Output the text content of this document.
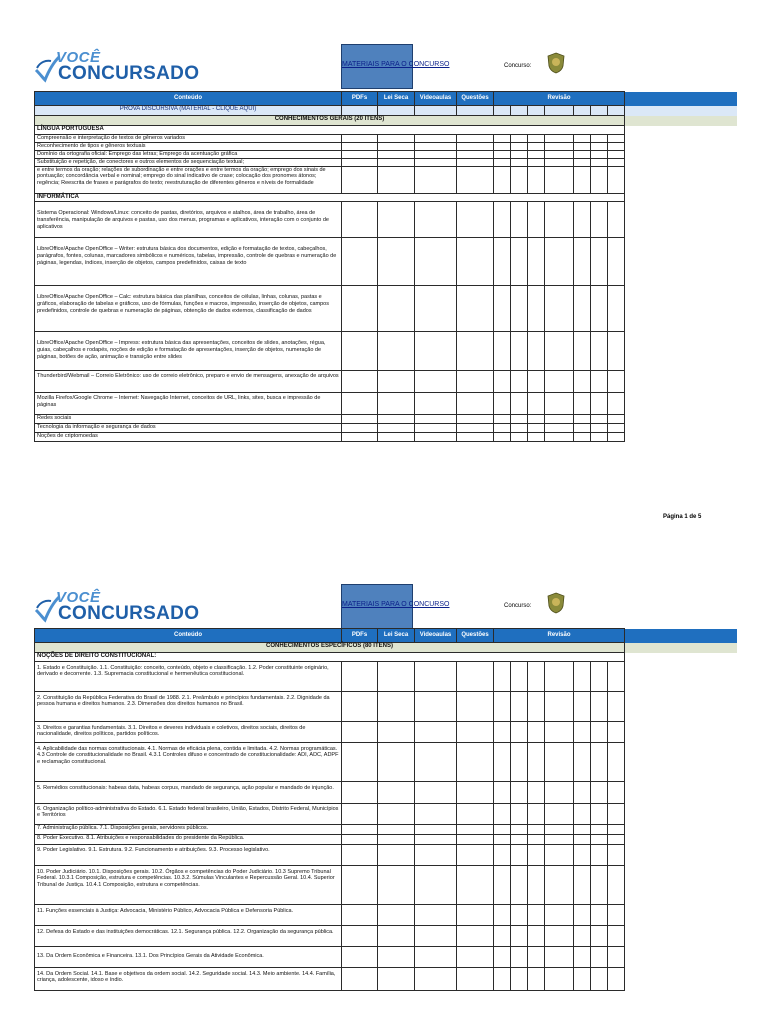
VOCÊ
CONCURSADO	MATERIAIS PARA O CONCURSO	Concurso:
Conteúdo	PDFs	Lei Seca	Videoaulas	Questões	Revisão							
PROVA DISCURSIVA (MATERIAL - CLIQUE AQUI)												
CONHECIMENTOS GERAIS (20 ITENS)												
LÍNGUA PORTUGUESA												
Compreensão e interpretação de textos de gêneros variados												
Reconhecimento de tipos e gêneros textuais												
Domínio da ortografia oficial: Emprego das letras; Emprego da acentuação gráfica												
Substituição e repetição, de conectores e outros elementos de sequenciação textual;												
e entre termos da oração; relações de subordinação e entre orações e entre termos da oração; emprego dos sinais de pontuação; concordância verbal e nominal; emprego do sinal indicativo de crase; colocação dos pronomes átonos; regência; Reescrita de frases e parágrafos do texto; reestruturação de diferentes gêneros e níveis de formalidade												
INFORMÁTICA												
Sistema Operacional: Windows/Linux: conceito de pastas, diretórios, arquivos e atalhos, área de trabalho, área de transferência, manipulação de arquivos e pastas, uso dos menus, programas e aplicativos, interação com o conjunto de aplicativos												
LibreOffice/Apache OpenOffice – Writer: estrutura básica dos documentos, edição e formatação de textos, cabeçalhos, parágrafos, fontes, colunas, marcadores simbólicos e numéricos, tabelas, impressão, controle de quebras e numeração de páginas, legendas, índices, inserção de objetos, campos predefinidos, caixas de texto												
LibreOffice/Apache OpenOffice – Calc: estrutura básica das planilhas, conceitos de células, linhas, colunas, pastas e gráficos, elaboração de tabelas e gráficos, uso de fórmulas, funções e macros, impressão, inserção de objetos, campos predefinidos, controle de quebras e numeração de páginas, obtenção de dados externos, classificação de dados												
LibreOffice/Apache OpenOffice – Impress: estrutura básica das apresentações, conceitos de slides, anotações, régua, guias, cabeçalhos e rodapés, noções de edição e formatação de apresentações, inserção de objetos, numeração de páginas, botões de ação, animação e transição entre slides												
Thunderbird/Webmail – Correio Eletrônico: uso de correio eletrônico, preparo e envio de mensagens, anexação de arquivos												
Mozilla Firefox/Google Chrome – Internet: Navegação Internet, conceitos de URL, links, sites, busca e impressão de páginas												
Redes sociais												
Tecnologia da informação e segurança de dados												
Noções de criptomoedas												
Página 1 de 5
VOCÊ
CONCURSADO	MATERIAIS PARA O CONCURSO	Concurso:
Conteúdo	PDFs	Lei Seca	Videoaulas	Questões	Revisão							
CONHECIMENTOS ESPECÍFICOS (80 ITENS)												
NOÇÕES DE DIREITO CONSTITUCIONAL:												
1. Estado e Constituição. 1.1. Constituição: conceito, conteúdo, objeto e classificação. 1.2. Poder constituinte originário, derivado e decorrente. 1.3. Supremacia constitucional e hermenêutica constitucional.												
2. Constituição da República Federativa do Brasil de 1988. 2.1. Preâmbulo e princípios fundamentais. 2.2. Dignidade da pessoa humana e direitos humanos. 2.3. Dimensões dos direitos humanos no Brasil.												
3. Direitos e garantias fundamentais. 3.1. Direitos e deveres individuais e coletivos, direitos sociais, direitos de nacionalidade, direitos políticos, partidos políticos.												
4. Aplicabilidade das normas constitucionais. 4.1. Normas de eficácia plena, contida e limitada. 4.2. Normas programáticas. 4.3 Controle de constitucionalidade no Brasil. 4.3.1 Controles difuso e concentrado de constitucionalidade: ADI, ADC, ADPF e reclamação constitucional.												
5. Remédios constitucionais: habeas data, habeas corpus, mandado de segurança, ação popular e mandado de injunção.												
6. Organização político-administrativa do Estado. 6.1. Estado federal brasileiro, União, Estados, Distrito Federal, Municípios e Territórios												
7. Administração pública. 7.1. Disposições gerais, servidores públicos.												
8. Poder Executivo. 8.1. Atribuições e responsabilidades do presidente da República.												
9. Poder Legislativo. 9.1. Estrutura. 9.2. Funcionamento e atribuições. 9.3. Processo legislativo.												
10. Poder Judiciário. 10.1. Disposições gerais. 10.2. Órgãos e competências do Poder Judiciário. 10.3 Supremo Tribunal Federal. 10.3.1 Composição, estrutura e competências. 10.3.2. Súmulas Vinculantes e Repercussão Geral. 10.4. Superior Tribunal de Justiça. 10.4.1 Composição, estrutura e competências.												
11. Funções essenciais à Justiça: Advocacia, Ministério Público, Advocacia Pública e Defensoria Pública.												
12. Defesa do Estado e das instituições democráticas. 12.1. Segurança pública. 12.2. Organização da segurança pública.												
13. Da Ordem Econômica e Financeira. 13.1. Dos Princípios Gerais da Atividade Econômica.												
14. Da Ordem Social. 14.1. Base e objetivos da ordem social. 14.2. Seguridade social. 14.3. Meio ambiente. 14.4. Família, criança, adolescente, idoso e índio.												
